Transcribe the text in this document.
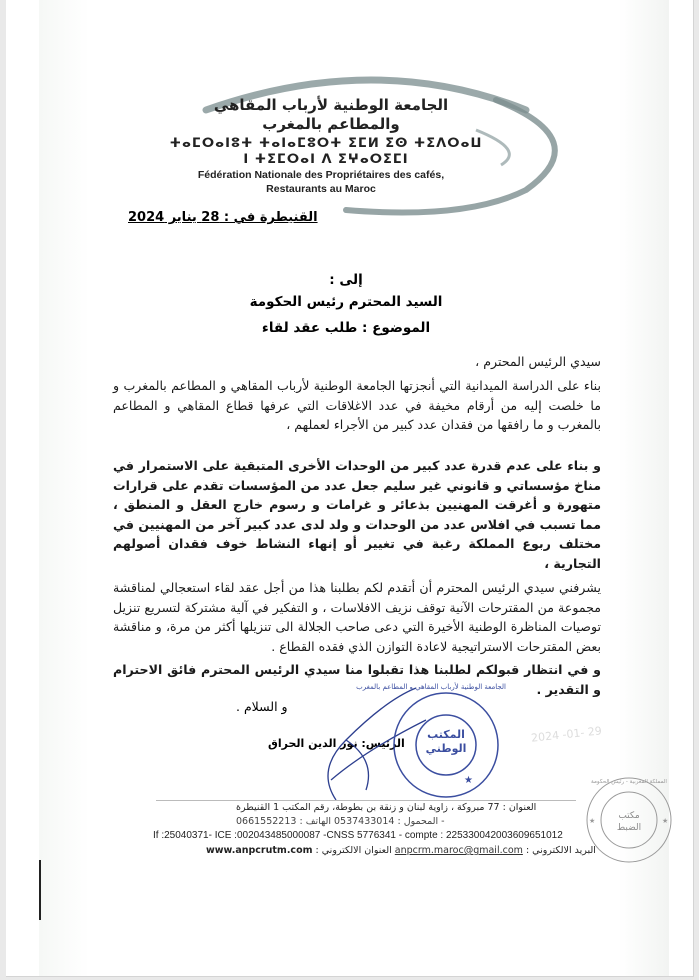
الجامعة الوطنية لأرباب المقاهي
والمطاعم بالمغرب
ⵜⴰⵎⵔⴰⵏⵓⵜ ⵜⴰⵏⴰⵎⵓⵔⵜ ⵉⵎⵍ ⵉⵙ ⵜⵉⴷⵔⴰⵡ
ⵏ ⵜⵉⵎⵔⴰⵏ ⴷ ⵉⵖⴰⵔⵉⵎⵏ
Fédération Nationale des Propriétaires des cafés,
Restaurants au Maroc
القنيطرة في : 28 يناير 2024
إلى :
السيد المحترم رئيس الحكومة
الموضوع : طلب عقد لقاء
سيدي الرئيس المحترم ،
بناء على الدراسة الميدانية التي أنجزتها الجامعة الوطنية لأرباب المقاهي و المطاعم بالمغرب و ما خلصت إليه من أرقام مخيفة في عدد الاغلاقات التي عرفها قطاع المقاهي و المطاعم بالمغرب و ما رافقها من فقدان عدد كبير من الأجراء لعملهم ،
و بناء على عدم قدرة عدد كبير من الوحدات الأخرى المتبقية على الاستمرار في مناخ مؤسساتي و قانوني غير سليم جعل عدد من المؤسسات تقدم على قرارات متهورة و أغرقت المهنيين بذعائر و غرامات و رسوم خارج العقل و المنطق ، مما تسبب في افلاس عدد من الوحدات و ولد لدى عدد كبير آخر من المهنيين في مختلف ربوع المملكة رغبة في تغيير أو إنهاء النشاط خوف فقدان أصولهم التجارية ،
يشرفني سيدي الرئيس المحترم أن أتقدم لكم بطلبنا هذا من أجل عقد لقاء استعجالي لمناقشة مجموعة من المقترحات الآنية توقف نزيف الافلاسات ، و التفكير في آلية مشتركة لتسريع تنزيل توصيات المناظرة الوطنية الأخيرة التي دعى صاحب الجلالة الى تنزيلها أكثر من مرة، و مناقشة بعض المقترحات الاستراتيجية لاعادة التوازن الذي فقده القطاع .
و في انتظار قبولكم لطلبنا هذا تقبلوا منا سيدي الرئيس المحترم فائق الاحترام و التقدير .
و السلام .
الرئيس: نور الدين الحراق
★
المكتب الوطني
الجامعة الوطنية لأرباب المقاهي و المطاعم بالمغرب
2024 -01- 29
★	★
مكتب الضبط
المملكة المغربية - رئيس الحكومة
العنوان : 77 مبروكة ، زاوية لبنان و زنقة بن بطوطة، رقم المكتب 1 القنيطرة
- المحمول : 0537433014 الهاتف : 0661552213
If :25040371- ICE :002043485000087 -CNSS 5776341 - compte : 225330042003609651012
البريد الالكتروني : anpcrm.maroc@gmail.com العنوان الالكتروني : www.anpcrutm.com
